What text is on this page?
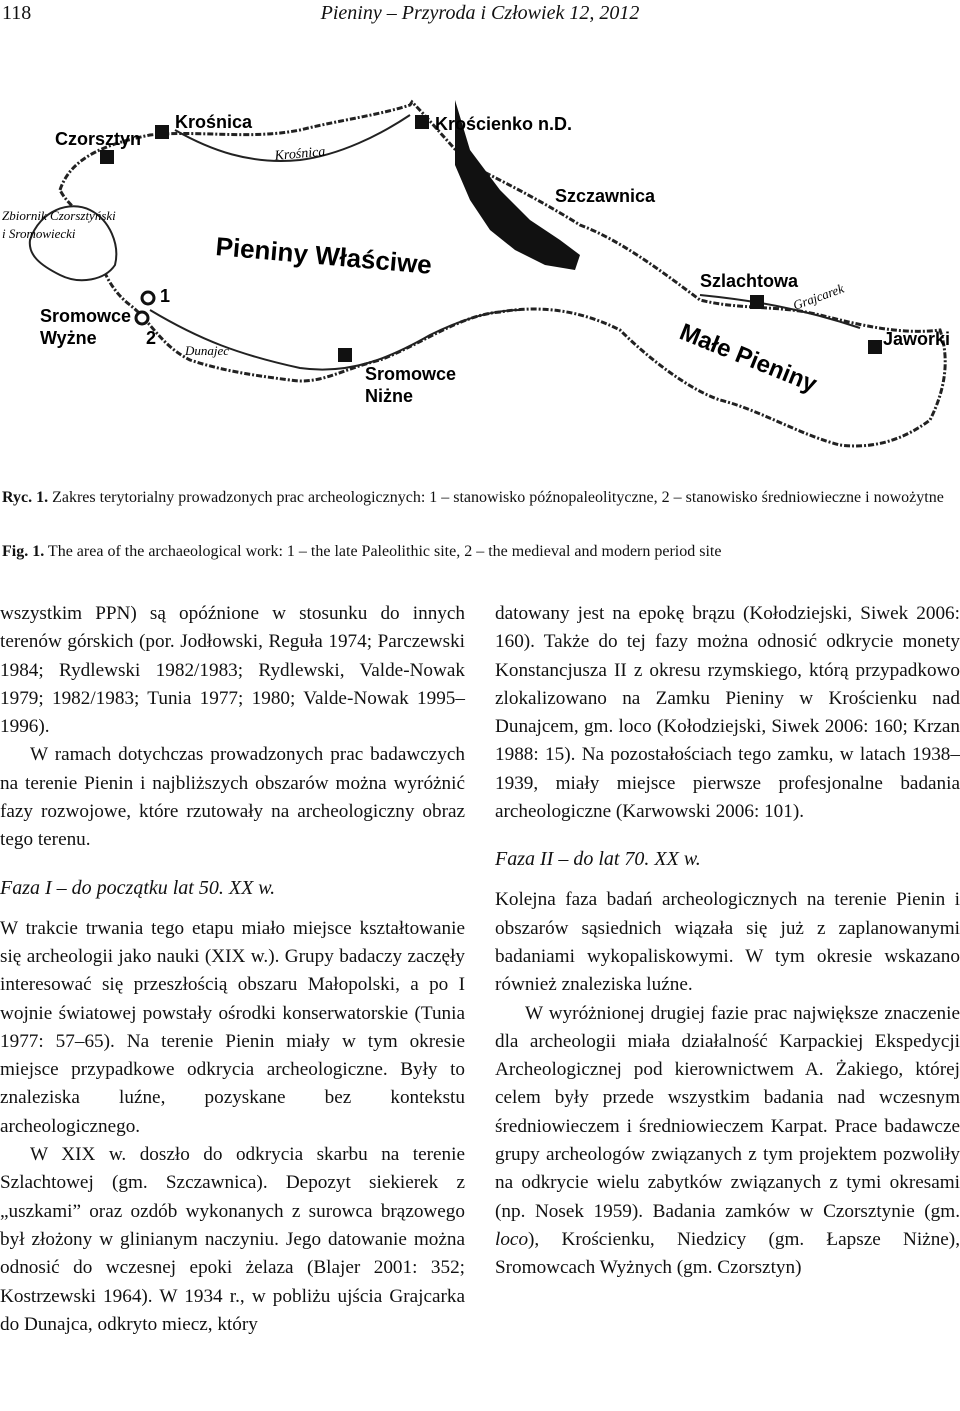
118	Pieniny – Przyroda i Człowiek 12, 2012
Czorsztyn
Krośnica	Krościenko n.D.
Krośnica
Szczawnica
Zbiornik Czorsztyński
i Sromowiecki	Pieniny Właściwe
Szlachtowa
Grajcarek
Jaworki
Małe Pieniny
Sromowce
Wyżne
1
2
Dunajec
Sromowce
Niżne
Ryc. 1. Zakres terytorialny prowadzonych prac archeologicznych: 1 – stanowisko późnopaleolityczne, 2 – stanowisko średniowieczne i nowożytne
Fig. 1. The area of the archaeological work: 1 – the late Paleolithic site, 2 – the medieval and modern period site

wszystkim PPN) są opóźnione w stosunku do innych terenów górskich (por. Jodłowski, Reguła 1974; Parczewski 1984; Rydlewski 1982/1983; Rydlewski, Valde-Nowak 1979; 1982/1983; Tunia 1977; 1980; Valde-Nowak 1995–1996).

W ramach dotychczas prowadzonych prac badawczych na terenie Pienin i najbliższych obszarów można wyróżnić fazy rozwojowe, które rzutowały na archeologiczny obraz tego terenu.

Faza I – do początku lat 50. XX w.

W trakcie trwania tego etapu miało miejsce kształtowanie się archeologii jako nauki (XIX w.). Grupy badaczy zaczęły interesować się przeszłością obszaru Małopolski, a po I wojnie światowej powstały ośrodki konserwatorskie (Tunia 1977: 57–65). Na terenie Pienin miały w tym okresie miejsce przypadkowe odkrycia archeologiczne. Były to znaleziska luźne, pozyskane bez kontekstu archeologicznego.

W XIX w. doszło do odkrycia skarbu na terenie Szlachtowej (gm. Szczawnica). Depozyt siekierek z „uszkami” oraz ozdób wykonanych z surowca brązowego był złożony w glinianym naczyniu. Jego datowanie można odnosić do wczesnej epoki żelaza (Blajer 2001: 352; Kostrzewski 1964). W 1934 r., w pobliżu ujścia Grajcarka do Dunajca, odkryto miecz, który

datowany jest na epokę brązu (Kołodziejski, Siwek 2006: 160). Także do tej fazy można odnosić odkrycie monety Konstancjusza II z okresu rzymskiego, którą przypadkowo zlokalizowano na Zamku Pieniny w Krościenku nad Dunajcem, gm. loco (Kołodziejski, Siwek 2006: 160; Krzan 1988: 15). Na pozostałościach tego zamku, w latach 1938–1939, miały miejsce pierwsze profesjonalne badania archeologiczne (Karwowski 2006: 101).

Faza II – do lat 70. XX w.

Kolejna faza badań archeologicznych na terenie Pienin i obszarów sąsiednich wiązała się już z zaplanowanymi badaniami wykopaliskowymi. W tym okresie wskazano również znaleziska luźne.

W wyróżnionej drugiej fazie prac największe znaczenie dla archeologii miała działalność Karpackiej Ekspedycji Archeologicznej pod kierownictwem A. Żakiego, której celem były przede wszystkim badania nad wczesnym średniowieczem i średniowieczem Karpat. Prace badawcze grupy archeologów związanych z tym projektem pozwoliły na odkrycie wielu zabytków związanych z tymi okresami (np. Nosek 1959). Badania zamków w Czorsztynie (gm. loco), Krościenku, Niedzicy (gm. Łapsze Niżne), Sromowcach Wyżnych (gm. Czorsztyn)
